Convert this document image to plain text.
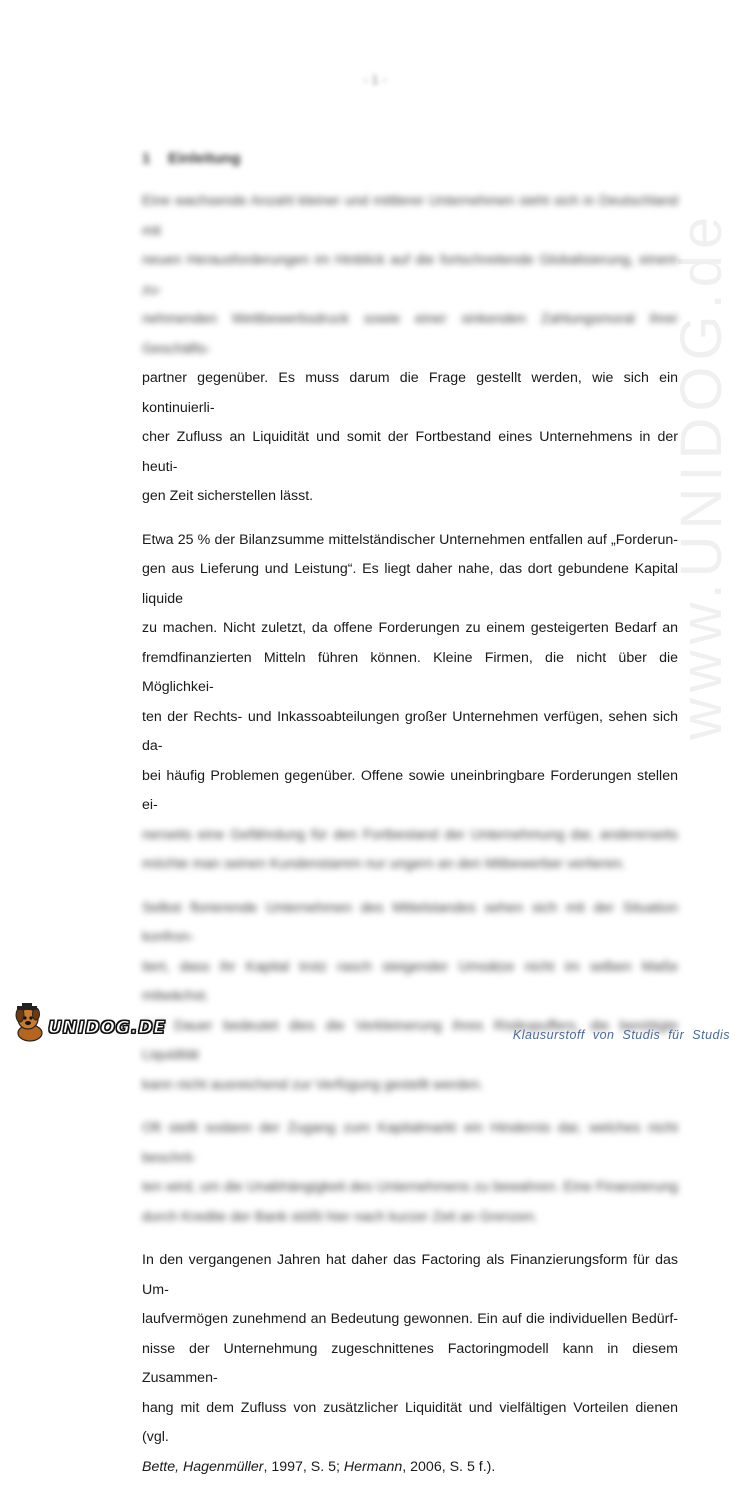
- 1 -
1 Einleitung
www.UNIDOG.de
Eine wachsende Anzahl kleiner und mittlerer Unternehmen sieht sich in Deutschland mit
neuen Herausforderungen im Hinblick auf die fortschreitende Globalisierung, einem zu-
nehmenden Wettbewerbsdruck sowie einer sinkenden Zahlungsmoral ihrer Geschäfts-
partner gegenüber. Es muss darum die Frage gestellt werden, wie sich ein kontinuierli-
cher Zufluss an Liquidität und somit der Fortbestand eines Unternehmens in der heuti-
gen Zeit sicherstellen lässt.
Etwa 25 % der Bilanzsumme mittelständischer Unternehmen entfallen auf „Forderun-
gen aus Lieferung und Leistung“. Es liegt daher nahe, das dort gebundene Kapital liquide
zu machen. Nicht zuletzt, da offene Forderungen zu einem gesteigerten Bedarf an
fremdfinanzierten Mitteln führen können. Kleine Firmen, die nicht über die Möglichkei-
ten der Rechts- und Inkassoabteilungen großer Unternehmen verfügen, sehen sich da-
bei häufig Problemen gegenüber. Offene sowie uneinbringbare Forderungen stellen ei-
nerseits eine Gefährdung für den Fortbestand der Unternehmung dar, andererseits
möchte man seinen Kundenstamm nur ungern an den Mitbewerber verlieren.
Selbst florierende Unternehmen des Mittelstandes sehen sich mit der Situation konfron-
tiert, dass ihr Kapital trotz rasch steigender Umsätze nicht im selben Maße mitwächst.
Auf Dauer bedeutet dies die Verkleinerung ihres Risikopuffers, die benötigte Liquidität
kann nicht ausreichend zur Verfügung gestellt werden.
Oft stellt sodann der Zugang zum Kapitalmarkt ein Hindernis dar, welches nicht beschrit-
ten wird, um die Unabhängigkeit des Unternehmens zu bewahren. Eine Finanzierung
durch Kredite der Bank stößt hier nach kurzer Zeit an Grenzen.
In den vergangenen Jahren hat daher das Factoring als Finanzierungsform für das Um-
laufvermögen zunehmend an Bedeutung gewonnen. Ein auf die individuellen Bedürf-
nisse der Unternehmung zugeschnittenes Factoringmodell kann in diesem Zusammen-
hang mit dem Zufluss von zusätzlicher Liquidität und vielfältigen Vorteilen dienen (vgl.
Bette, Hagenmüller, 1997, S. 5; Hermann, 2006, S. 5 f.).
UNIDOG.DE	Klausurstoff von Studis für Studis
